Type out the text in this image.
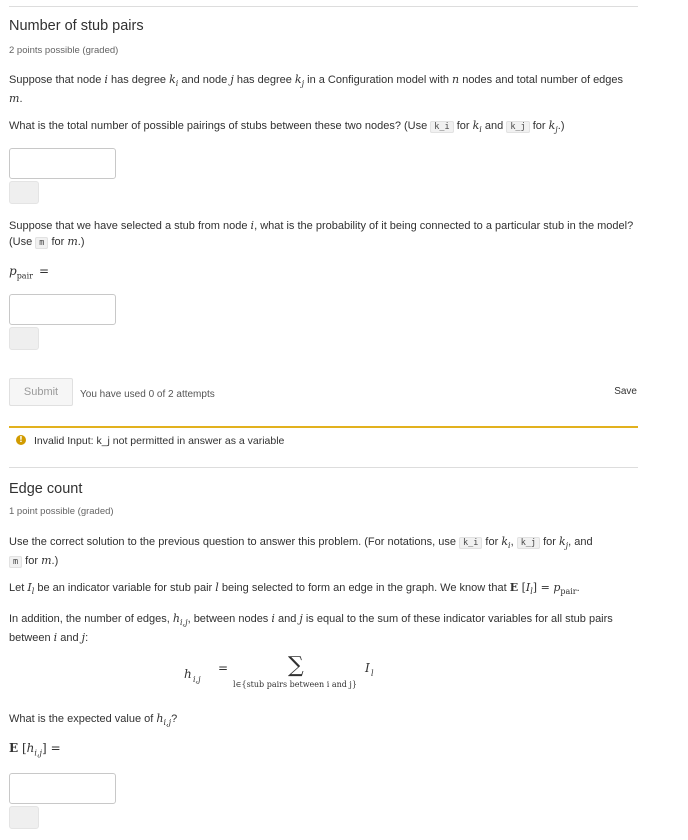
Number of stub pairs
2 points possible (graded)
Suppose that node i has degree $k_i$ and node j has degree $k_j$ in a Configuration model with n nodes and total number of edges m.
What is the total number of possible pairings of stubs between these two nodes? (Use k_i for $k_i$ and k_j for $k_j$.)
Suppose that we have selected a stub from node i, what is the probability of it being connected to a particular stub in the model? (Use m for m.)
$p_{pair}$ =
Submit	You have used 0 of 2 attempts	Save
!	Invalid Input: k_j not permitted in answer as a variable
Edge count
1 point possible (graded)
Use the correct solution to the previous question to answer this problem. (For notations, use k_i for $k_i$, k_j for $k_j$, and
m for m.)
Let $I_l$ be an indicator variable for stub pair l being selected to form an edge in the graph. We know that E $[I_l] = p_{pair}$.
In addition, the number of edges, $h_{i,j}$, between nodes i and j is equal to the sum of these indicator variables for all stub pairs between i and j:
h i,j
=	∑
l∈{stub pairs between i and j}
I l
What is the expected value of $h_{i,j}$?
E $[h_{i,j}]$ =
